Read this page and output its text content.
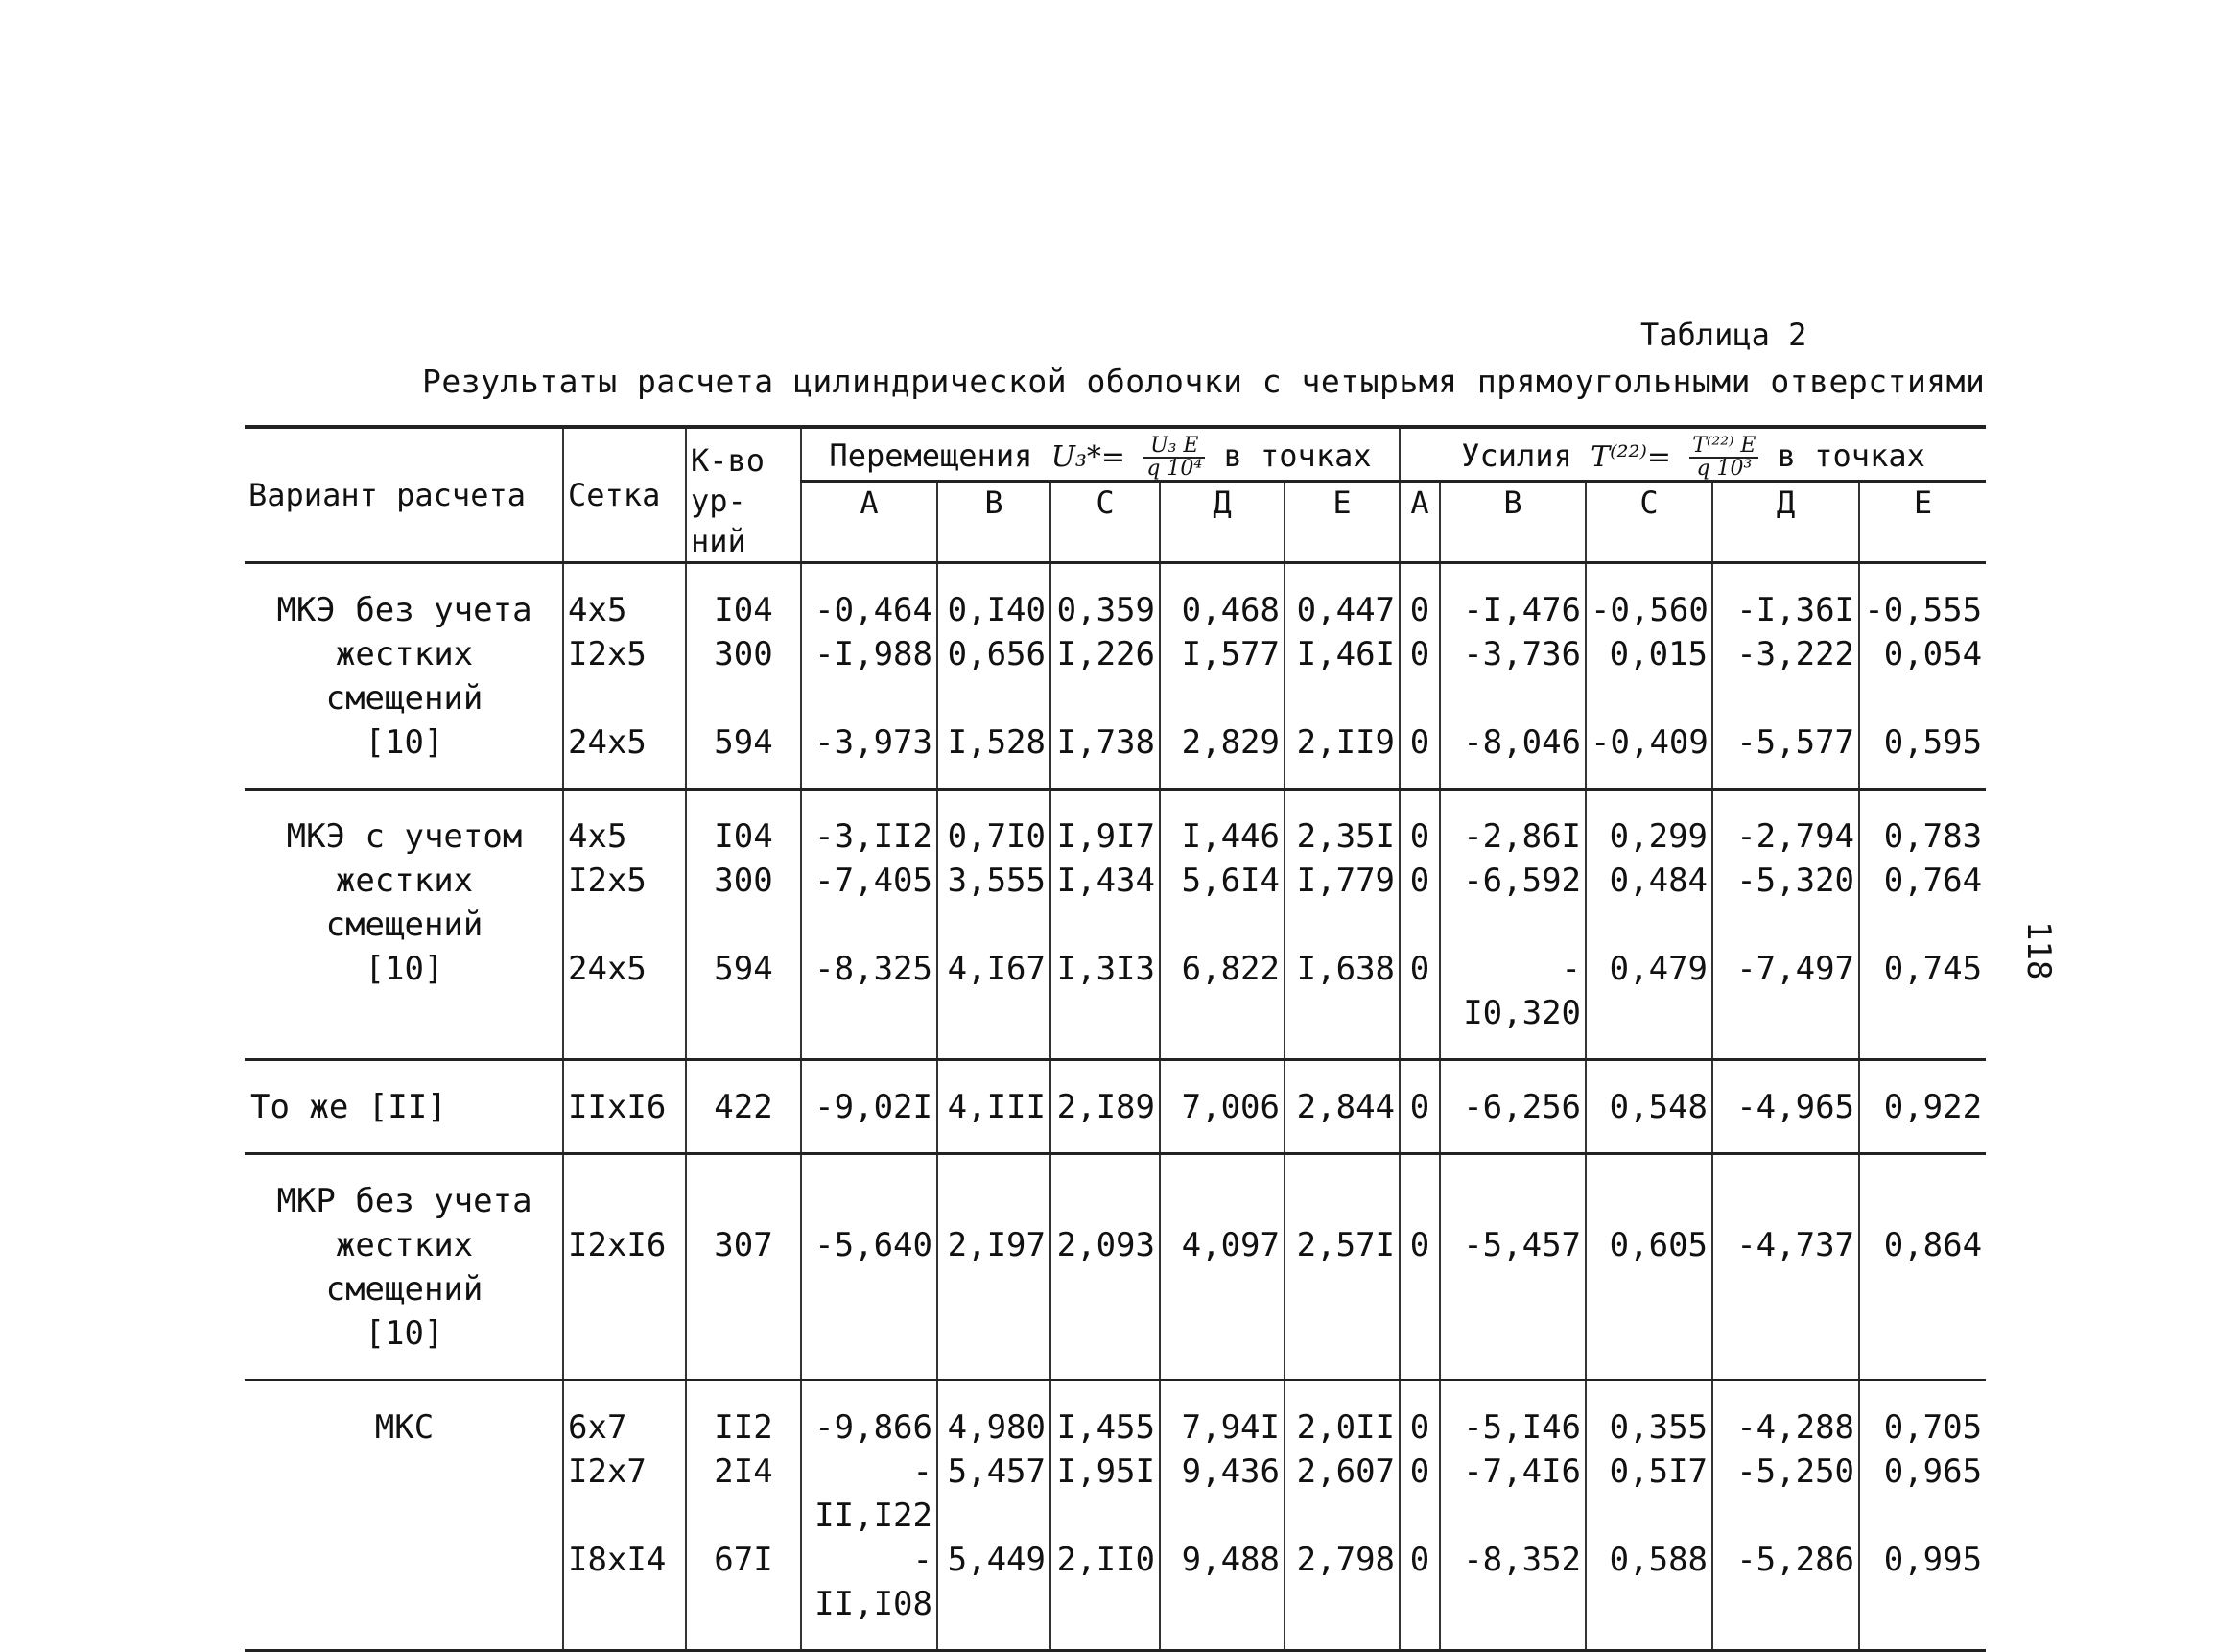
Таблица 2
Результаты расчета цилиндрической оболочки с четырьмя прямоугольными отверстиями
118
Вариант расчета	Сетка	К-во	Перемещения $U_3*= \frac{\text{U₃ E}}{\text{q 10⁴}}$ в точках					Усилия $T^{(22)}= \frac{\text{T⁽²²⁾ E}}{\text{q 10³}}$ в точках				
		ур-ний	А	В	С	Д	Е	А	В	С	Д	Е

МКЭ без учета	4x5	I04	-0,464	0,I40	0,359	0,468	0,447	0	-I,476	-0,560	-I,36I	-0,555
жестких смещений	I2x5	300	-I,988	0,656	I,226	I,577	I,46I	0	-3,736	0,015	-3,222	0,054
[10]	24x5	594	-3,973	I,528	I,738	2,829	2,II9	0	-8,046	-0,409	-5,577	0,595

МКЭ с учетом	4x5	I04	-3,II2	0,7I0	I,9I7	I,446	2,35I	0	-2,86I	0,299	-2,794	0,783
жестких смещений	I2x5	300	-7,405	3,555	I,434	5,6I4	I,779	0	-6,592	0,484	-5,320	0,764
[10]	24x5	594	-8,325	4,I67	I,3I3	6,822	I,638	0	-I0,320	0,479	-7,497	0,745

То же [II]	IIxI6	422	-9,02I	4,III	2,I89	7,006	2,844	0	-6,256	0,548	-4,965	0,922

МКР без учета												
жестких смещений	I2xI6	307	-5,640	2,I97	2,093	4,097	2,57I	0	-5,457	0,605	-4,737	0,864
[10]												

МКС	6x7	II2	-9,866	4,980	I,455	7,94I	2,0II	0	-5,I46	0,355	-4,288	0,705
	I2x7	2I4	-II,I22	5,457	I,95I	9,436	2,607	0	-7,4I6	0,5I7	-5,250	0,965
	I8xI4	67I	-II,I08	5,449	2,II0	9,488	2,798	0	-8,352	0,588	-5,286	0,995
